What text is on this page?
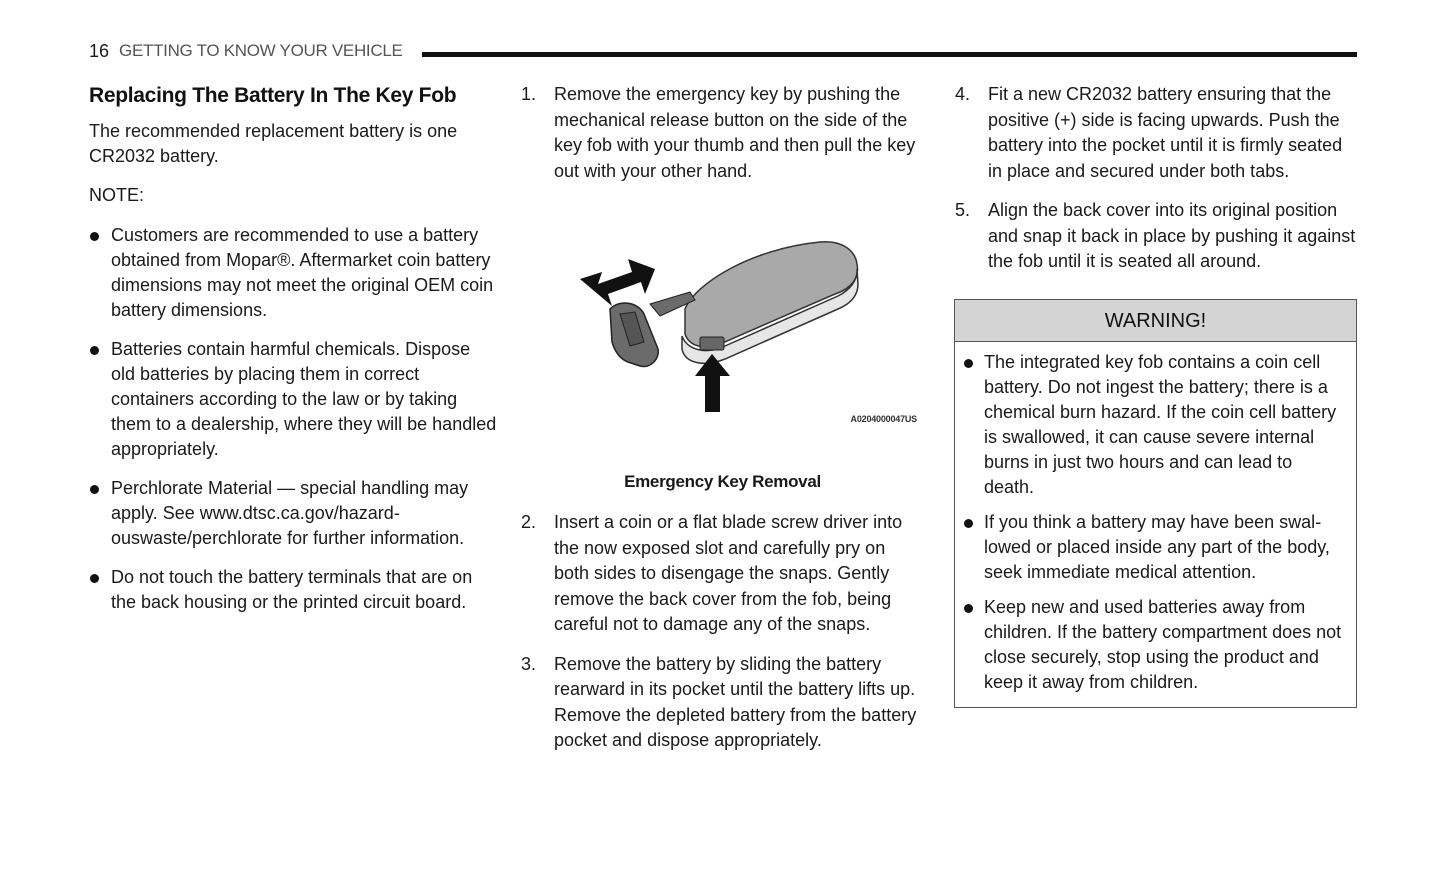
16 GETTING TO KNOW YOUR VEHICLE
Replacing The Battery In The Key Fob

The recommended replacement battery is one CR2032 battery.

NOTE:
Customers are recommended to use a battery obtained from Mopar®. Aftermarket coin battery dimensions may not meet the original OEM coin battery dimensions.
Batteries contain harmful chemicals. Dispose old batteries by placing them in correct containers according to the law or by taking them to a dealership, where they will be handled appropriately.
Perchlorate Material — special handling may apply. See www.dtsc.ca.gov/hazardouswaste/perchlorate for further information.
Do not touch the battery terminals that are on the back housing or the printed circuit board.
1. Remove the emergency key by pushing the mechanical release button on the side of the key fob with your thumb and then pull the key out with your other hand.
A0204000047US
Emergency Key Removal
2. Insert a coin or a flat blade screw driver into the now exposed slot and carefully pry on both sides to disengage the snaps. Gently remove the back cover from the fob, being careful not to damage any of the snaps.
3. Remove the battery by sliding the battery rearward in its pocket until the battery lifts up. Remove the depleted battery from the battery pocket and dispose appropriately.
4. Fit a new CR2032 battery ensuring that the positive (+) side is facing upwards. Push the battery into the pocket until it is firmly seated in place and secured under both tabs.
5. Align the back cover into its original position and snap it back in place by pushing it against the fob until it is seated all around.
WARNING!
The integrated key fob contains a coin cell battery. Do not ingest the battery; there is a chemical burn hazard. If the coin cell battery is swallowed, it can cause severe internal burns in just two hours and can lead to death.
If you think a battery may have been swallowed or placed inside any part of the body, seek immediate medical attention.
Keep new and used batteries away from children. If the battery compartment does not close securely, stop using the product and keep it away from children.
